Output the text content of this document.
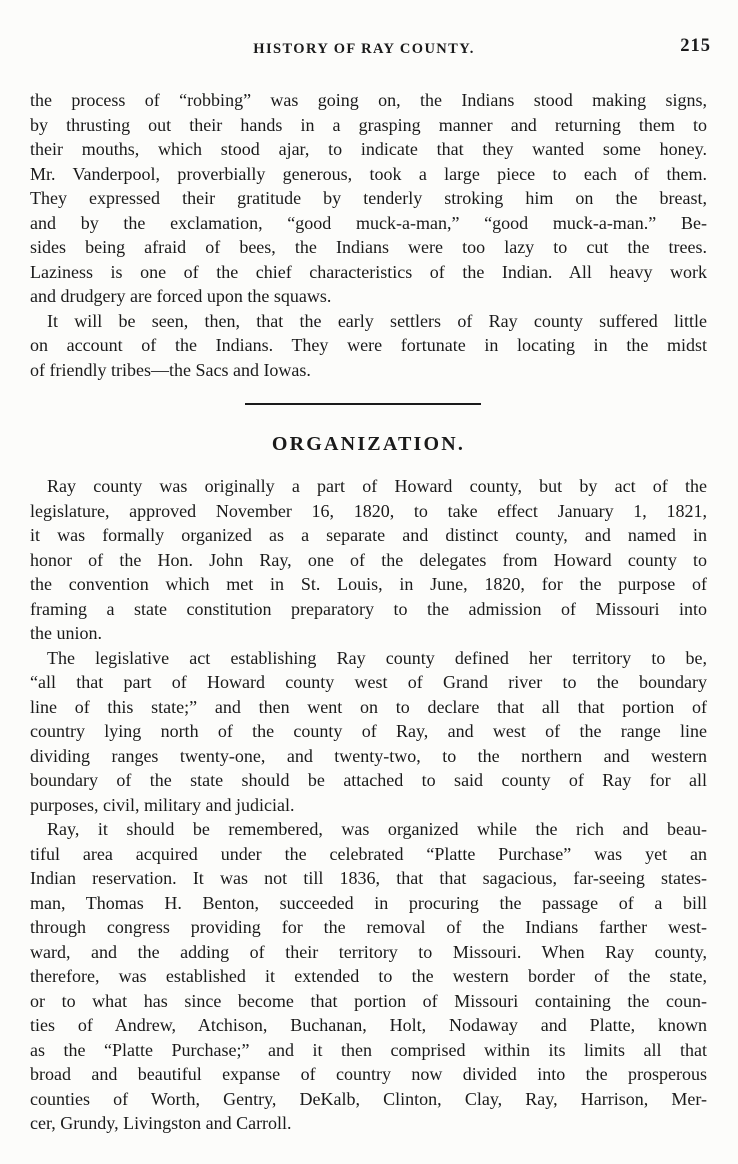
HISTORY OF RAY COUNTY.	215
the process of “robbing” was going on, the Indians stood making signs,
by thrusting out their hands in a grasping manner and returning them to
their mouths, which stood ajar, to indicate that they wanted some honey.
Mr. Vanderpool, proverbially generous, took a large piece to each of them.
They expressed their gratitude by tenderly stroking him on the breast,
and by the exclamation, “good muck-a-man,” “good muck-a-man.” Be-
sides being afraid of bees, the Indians were too lazy to cut the trees.
Laziness is one of the chief characteristics of the Indian. All heavy work
and drudgery are forced upon the squaws.
It will be seen, then, that the early settlers of Ray county suffered little
on account of the Indians. They were fortunate in locating in the midst
of friendly tribes—the Sacs and Iowas.
ORGANIZATION.
Ray county was originally a part of Howard county, but by act of the
legislature, approved November 16, 1820, to take effect January 1, 1821,
it was formally organized as a separate and distinct county, and named in
honor of the Hon. John Ray, one of the delegates from Howard county to
the convention which met in St. Louis, in June, 1820, for the purpose of
framing a state constitution preparatory to the admission of Missouri into
the union.
The legislative act establishing Ray county defined her territory to be,
“all that part of Howard county west of Grand river to the boundary
line of this state;” and then went on to declare that all that portion of
country lying north of the county of Ray, and west of the range line
dividing ranges twenty-one, and twenty-two, to the northern and western
boundary of the state should be attached to said county of Ray for all
purposes, civil, military and judicial.
Ray, it should be remembered, was organized while the rich and beau-
tiful area acquired under the celebrated “Platte Purchase” was yet an
Indian reservation. It was not till 1836, that that sagacious, far-seeing states-
man, Thomas H. Benton, succeeded in procuring the passage of a bill
through congress providing for the removal of the Indians farther west-
ward, and the adding of their territory to Missouri. When Ray county,
therefore, was established it extended to the western border of the state,
or to what has since become that portion of Missouri containing the coun-
ties of Andrew, Atchison, Buchanan, Holt, Nodaway and Platte, known
as the “Platte Purchase;” and it then comprised within its limits all that
broad and beautiful expanse of country now divided into the prosperous
counties of Worth, Gentry, DeKalb, Clinton, Clay, Ray, Harrison, Mer-
cer, Grundy, Livingston and Carroll.
